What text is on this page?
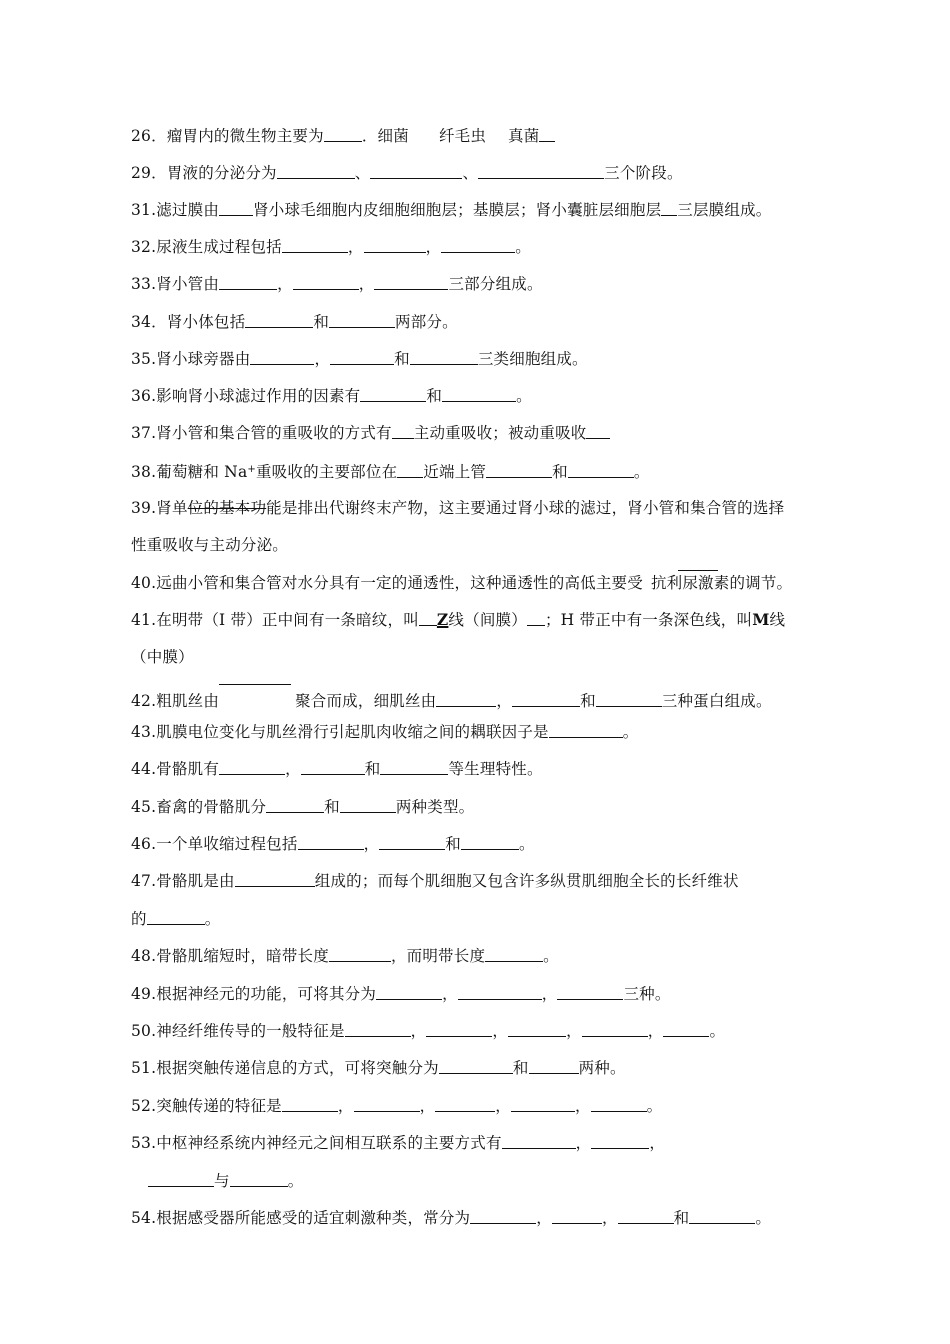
26．瘤胃内的微生物主要为 ．细菌 纤毛虫 真菌
29．胃液的分泌分为	、	、	三个阶段。
31.滤过膜由 肾小球毛细胞内皮细胞细胞层；基膜层；肾小囊脏层细胞层 三层膜组成。
32.尿液生成过程包括	，	，	。
33.肾小管由	，	，	三部分组成。
34．肾小体包括	和	两部分。
35.肾小球旁器由	，	和	三类细胞组成。
36.影响肾小球滤过作用的因素有	和	。
37.肾小管和集合管的重吸收的方式有 主动重吸收；被动重吸收
38.葡萄糖和 Na+重吸收的主要部位在 近端上管	和	。
39.肾单位的基本功能是排出代谢终末产物，这主要通过肾小球的滤过，肾小管和集合管的选择
性重吸收与主动分泌。
40.远曲小管和集合管对水分具有一定的通透性，这种通透性的高低主要受 抗利尿激素的调节。
41.在明带（I 带）正中间有一条暗纹，叫 Z线（间膜） ；H 带正中有一条深色线，叫M线
（中膜）
42.粗肌丝由	聚合而成，细肌丝由	，	和	三种蛋白组成。
43.肌膜电位变化与肌丝滑行引起肌肉收缩之间的耦联因子是	。
44.骨骼肌有	，	和	等生理特性。
45.畜禽的骨骼肌分	和	两种类型。
46.一个单收缩过程包括	，	和	。
47.骨骼肌是由	组成的；而每个肌细胞又包含许多纵贯肌细胞全长的长纤维状
的	。
48.骨骼肌缩短时，暗带长度	，而明带长度	。
49.根据神经元的功能，可将其分为	，	，	三种。
50.神经纤维传导的一般特征是	，	，	，	，	。
51.根据突触传递信息的方式，可将突触分为	和	两种。
52.突触传递的特征是	，	，	，	，	。
53.中枢神经系统内神经元之间相互联系的主要方式有	，	，
与	。
54.根据感受器所能感受的适宜刺激种类，常分为	，	，	和	。
